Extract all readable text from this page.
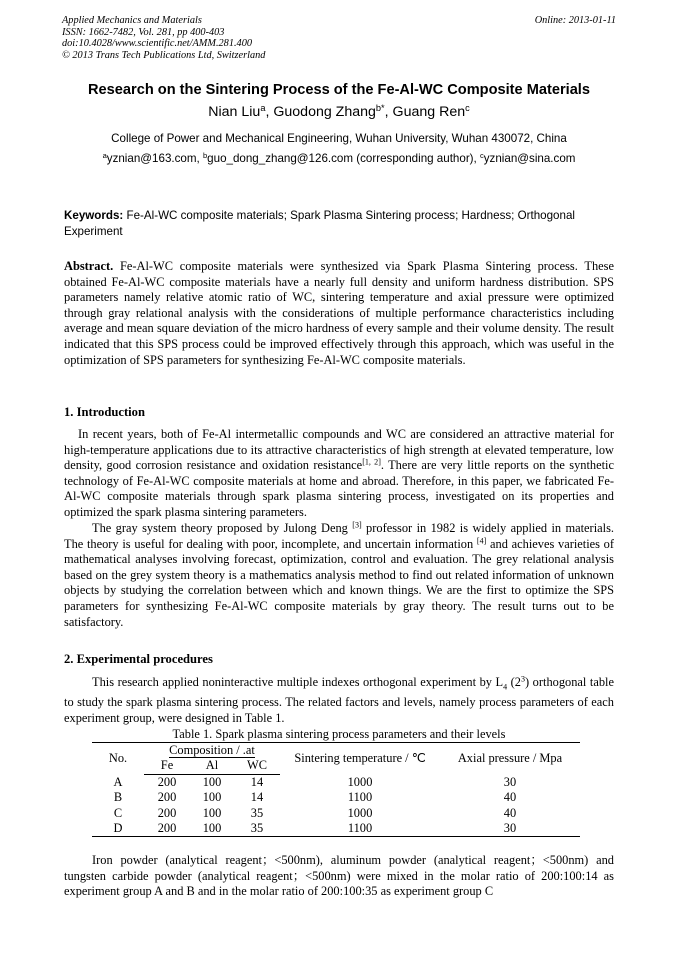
Applied Mechanics and Materials
ISSN: 1662-7482, Vol. 281, pp 400-403
doi:10.4028/www.scientific.net/AMM.281.400
© 2013 Trans Tech Publications Ltd, Switzerland
Online: 2013-01-11
Research on the Sintering Process of the Fe-Al-WC Composite Materials
Nian Liu$^a$, Guodong Zhang$^{b*}$, Guang Ren$^c$
College of Power and Mechanical Engineering, Wuhan University, Wuhan 430072, China
$^a$yznian@163.com, $^b$guo_dong_zhang@126.com (corresponding author), $^c$yznian@sina.com
Keywords: Fe-Al-WC composite materials; Spark Plasma Sintering process; Hardness; Orthogonal Experiment

Abstract. Fe-Al-WC composite materials were synthesized via Spark Plasma Sintering process. These obtained Fe-Al-WC composite materials have a nearly full density and uniform hardness distribution. SPS parameters namely relative atomic ratio of WC, sintering temperature and axial pressure were optimized through gray relational analysis with the considerations of multiple performance characteristics including average and mean square deviation of the micro hardness of every sample and their volume density. The result indicated that this SPS process could be improved effectively through this approach, which was useful in the optimization of SPS parameters for synthesizing Fe-Al-WC composite materials.

1. Introduction

In recent years, both of Fe-Al intermetallic compounds and WC are considered an attractive material for high-temperature applications due to its attractive characteristics of high strength at elevated temperature, low density, good corrosion resistance and oxidation resistance[1, 2]. There are very little reports on the synthetic technology of Fe-Al-WC composite materials at home and abroad. Therefore, in this paper, we fabricated Fe-Al-WC composite materials through spark plasma sintering process, investigated on its properties and optimized the spark plasma sintering parameters.

The gray system theory proposed by Julong Deng [3] professor in 1982 is widely applied in materials. The theory is useful for dealing with poor, incomplete, and uncertain information [4] and achieves varieties of mathematical analyses involving forecast, optimization, control and evaluation. The grey relational analysis based on the grey system theory is a mathematics analysis method to find out related information of unknown objects by studying the correlation between which and known things. We are the first to optimize the SPS parameters for synthesizing Fe-Al-WC composite materials by gray theory. The result turns out to be satisfactory.

2. Experimental procedures

This research applied noninteractive multiple indexes orthogonal experiment by $L_4$ $(2^3)$ orthogonal table to study the spark plasma sintering process. The related factors and levels, namely process parameters of each experiment group, were designed in Table 1.

Table 1. Spark plasma sintering process parameters and their levels
No.	Composition / .at			Sintering temperature / ℃	Axial pressure / Mpa
	Fe	Al	WC		
A	200	100	14	1000	30
B	200	100	14	1100	40
C	200	100	35	1000	40
D	200	100	35	1100	30

Iron powder (analytical reagent；<500nm), aluminum powder (analytical reagent；<500nm) and tungsten carbide powder (analytical reagent；<500nm) were mixed in the molar ratio of 200:100:14 as experiment group A and B and in the molar ratio of 200:100:35 as experiment group C
